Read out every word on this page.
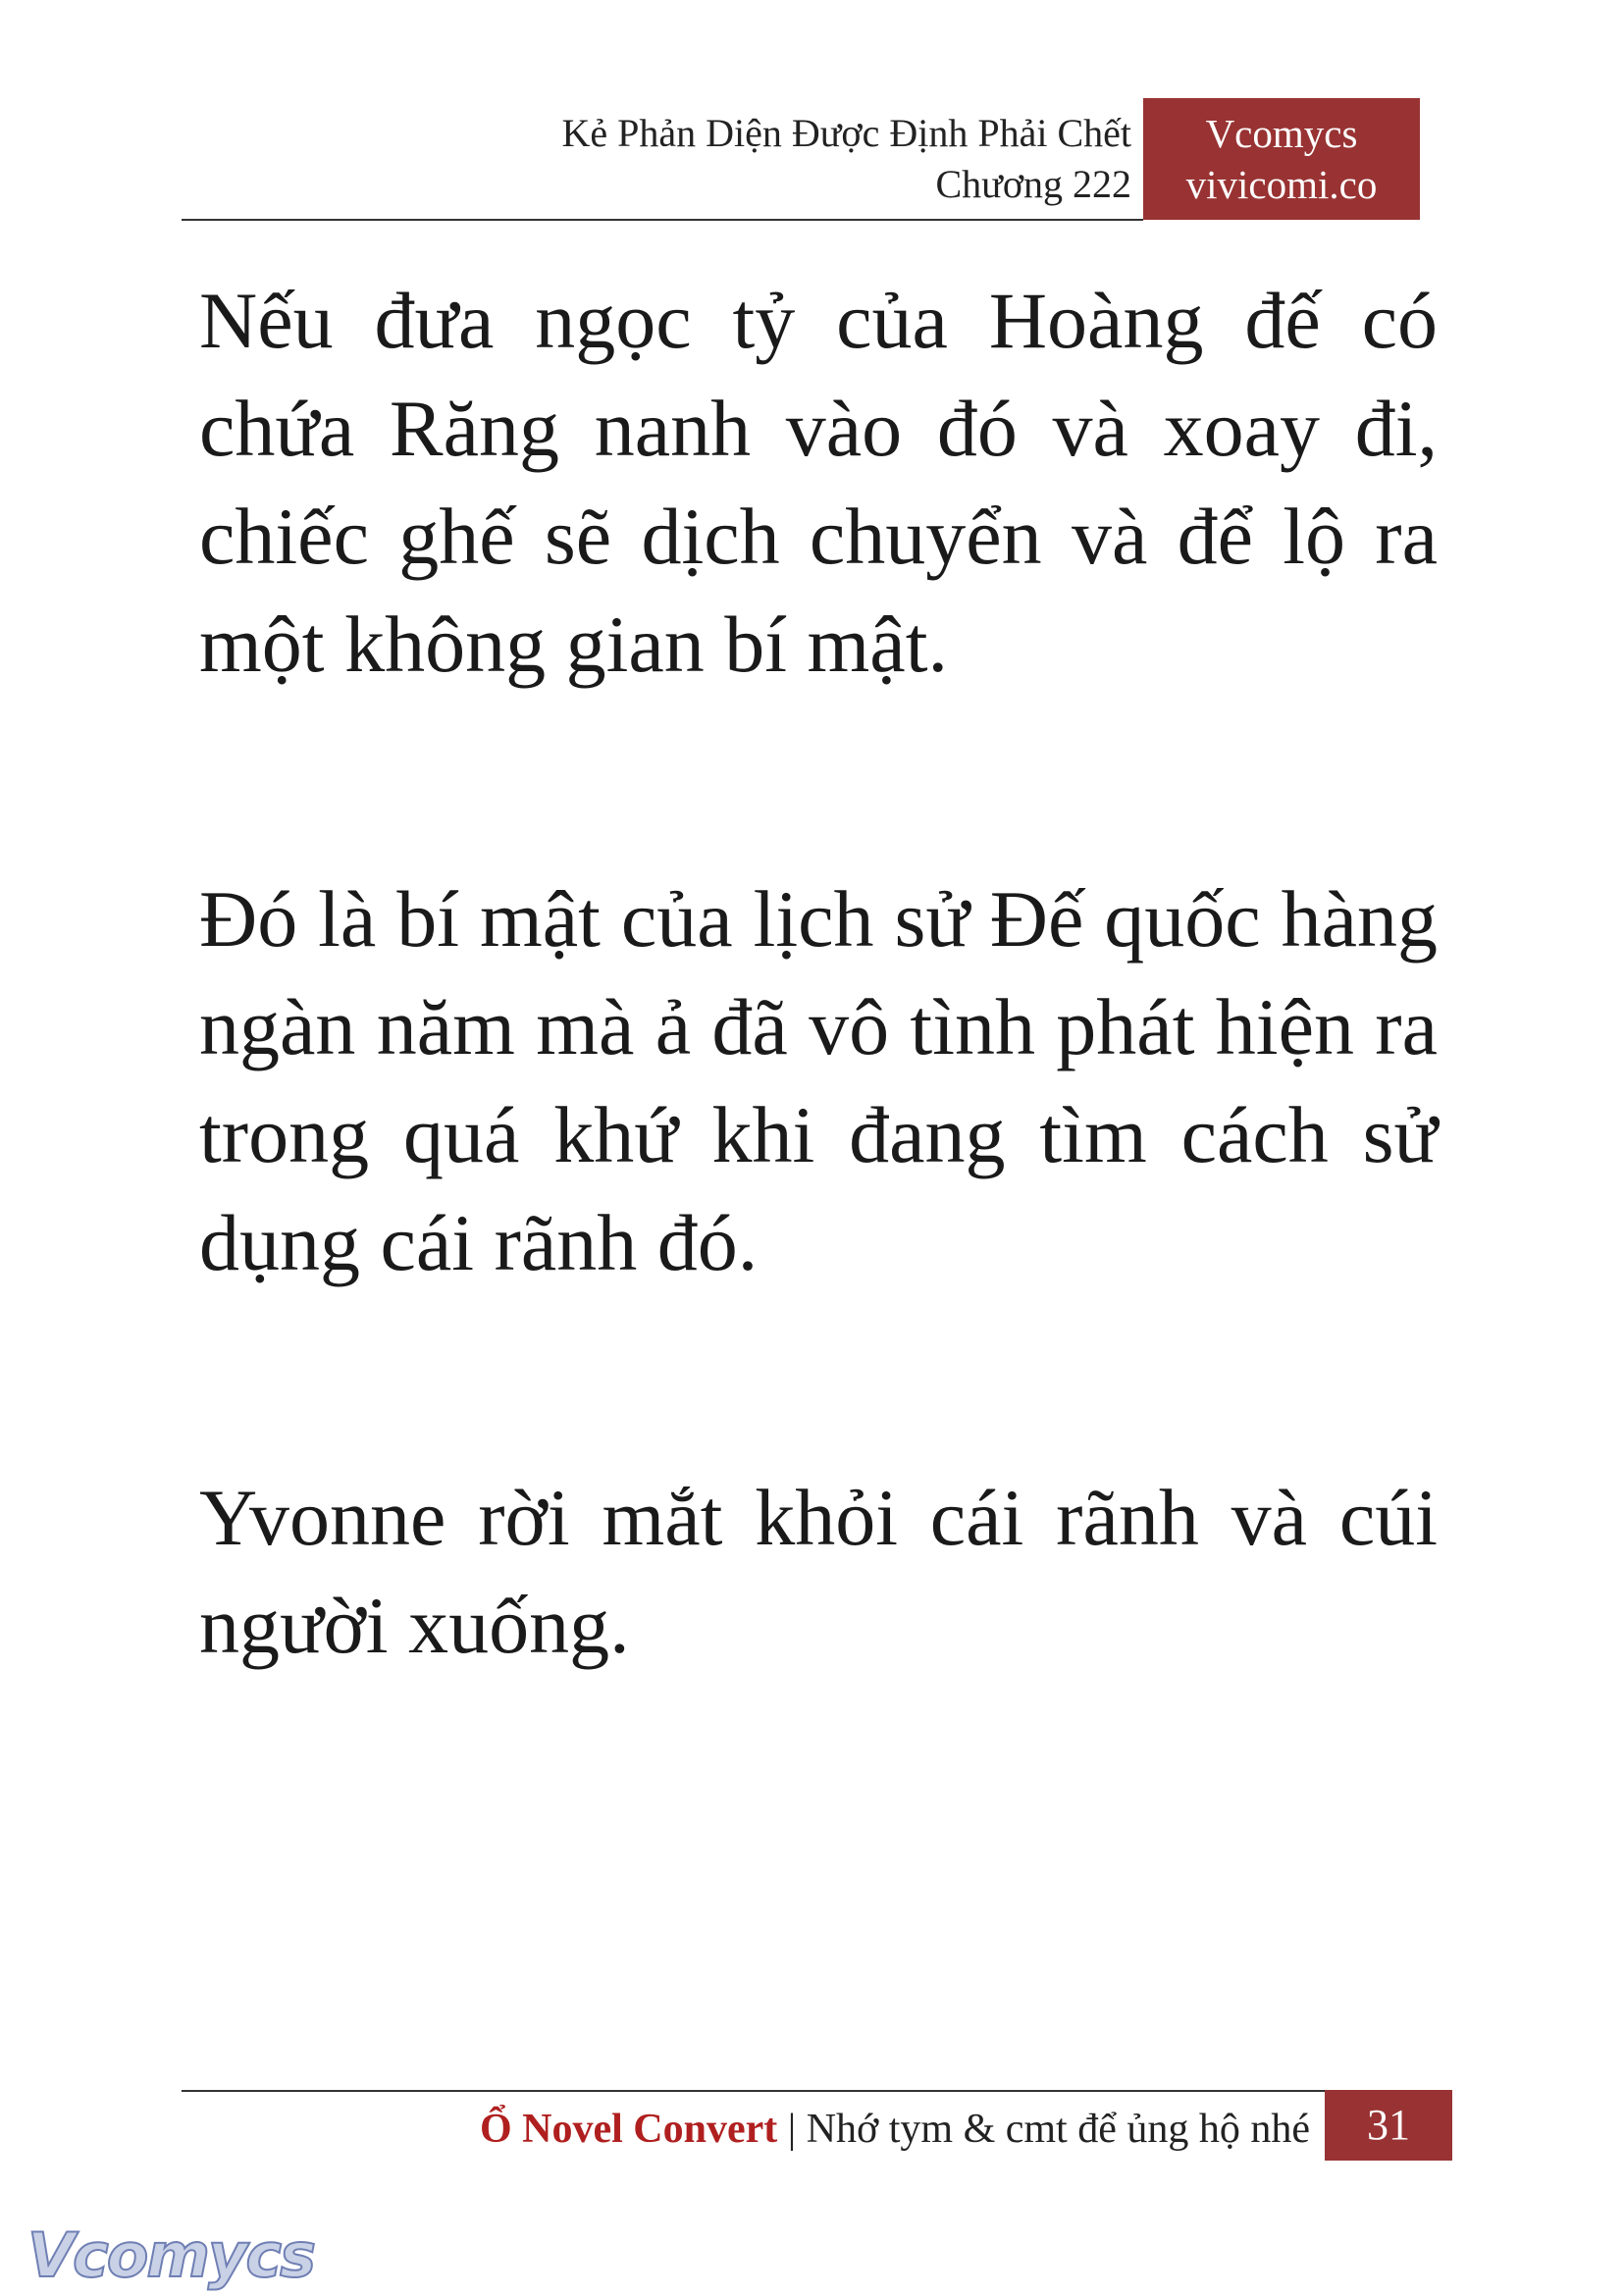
Kẻ Phản Diện Được Định Phải Chết
Chương 222
Vcomycs
vivicomi.co

Nếu đưa ngọc tỷ của Hoàng đế có chứa Răng nanh vào đó và xoay đi, chiếc ghế sẽ dịch chuyển và để lộ ra một không gian bí mật.

Đó là bí mật của lịch sử Đế quốc hàng ngàn năm mà ả đã vô tình phát hiện ra trong quá khứ khi đang tìm cách sử dụng cái rãnh đó.

Yvonne rời mắt khỏi cái rãnh và cúi người xuống.

Ổ Novel Convert | Nhớ tym & cmt để ủng hộ nhé	31
Vcomycs
